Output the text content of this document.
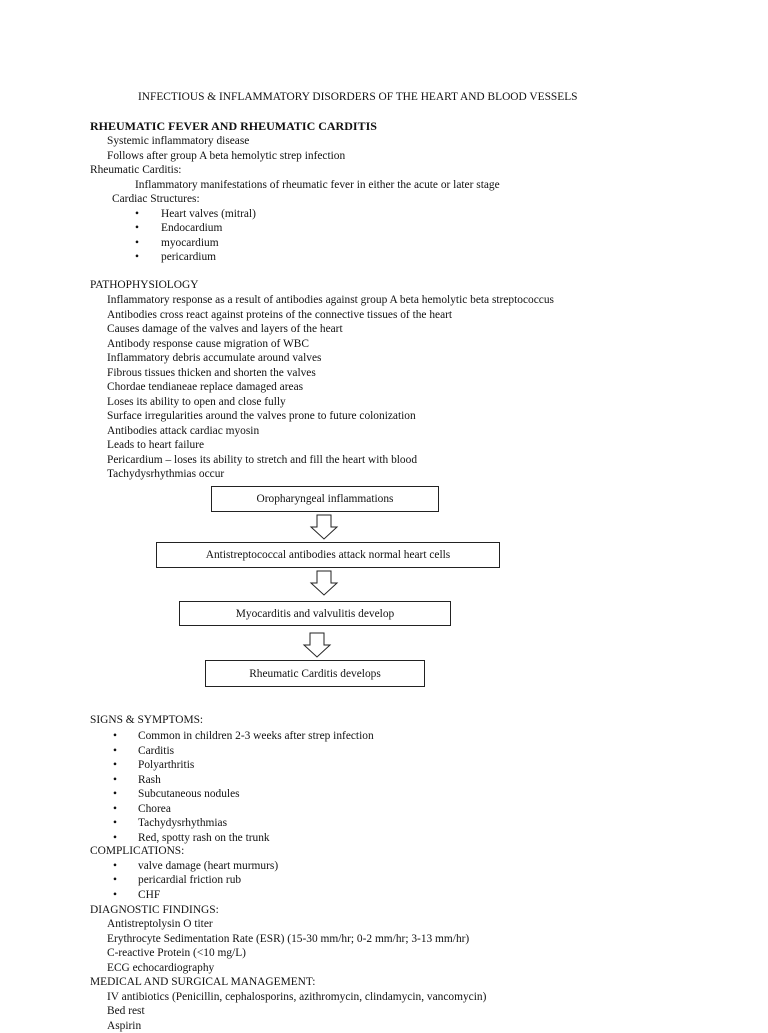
INFECTIOUS & INFLAMMATORY DISORDERS OF THE HEART AND BLOOD VESSELS
RHEUMATIC FEVER AND RHEUMATIC CARDITIS
Systemic inflammatory disease
Follows after group A beta hemolytic strep infection
Rheumatic Carditis:
Inflammatory manifestations of rheumatic fever in either the acute or later stage
Cardiac Structures:
• Heart valves (mitral)
• Endocardium
• myocardium
• pericardium
PATHOPHYSIOLOGY
Inflammatory response as a result of antibodies against group A beta hemolytic beta streptococcus
Antibodies cross react against proteins of the connective tissues of the heart
Causes damage of the valves and layers of the heart
Antibody response cause migration of WBC
Inflammatory debris accumulate around valves
Fibrous tissues thicken and shorten the valves
Chordae tendianeae replace damaged areas
Loses its ability to open and close fully
Surface irregularities around the valves prone to future colonization
Antibodies attack cardiac myosin
Leads to heart failure
Pericardium – loses its ability to stretch and fill the heart with blood
Tachydysrhythmias occur
Oropharyngeal inflammations
Antistreptococcal antibodies attack normal heart cells
Myocarditis and valvulitis develop
Rheumatic Carditis develops
SIGNS & SYMPTOMS:
• Common in children 2-3 weeks after strep infection
• Carditis
• Polyarthritis
• Rash
• Subcutaneous nodules
• Chorea
• Tachydysrhythmias
• Red, spotty rash on the trunk
COMPLICATIONS:
• valve damage (heart murmurs)
• pericardial friction rub
• CHF
DIAGNOSTIC FINDINGS:
Antistreptolysin O titer
Erythrocyte Sedimentation Rate (ESR) (15-30 mm/hr; 0-2 mm/hr; 3-13 mm/hr)
C-reactive Protein (<10 mg/L)
ECG echocardiography
MEDICAL AND SURGICAL MANAGEMENT:
IV antibiotics (Penicillin, cephalosporins, azithromycin, clindamycin, vancomycin)
Bed rest
Aspirin
